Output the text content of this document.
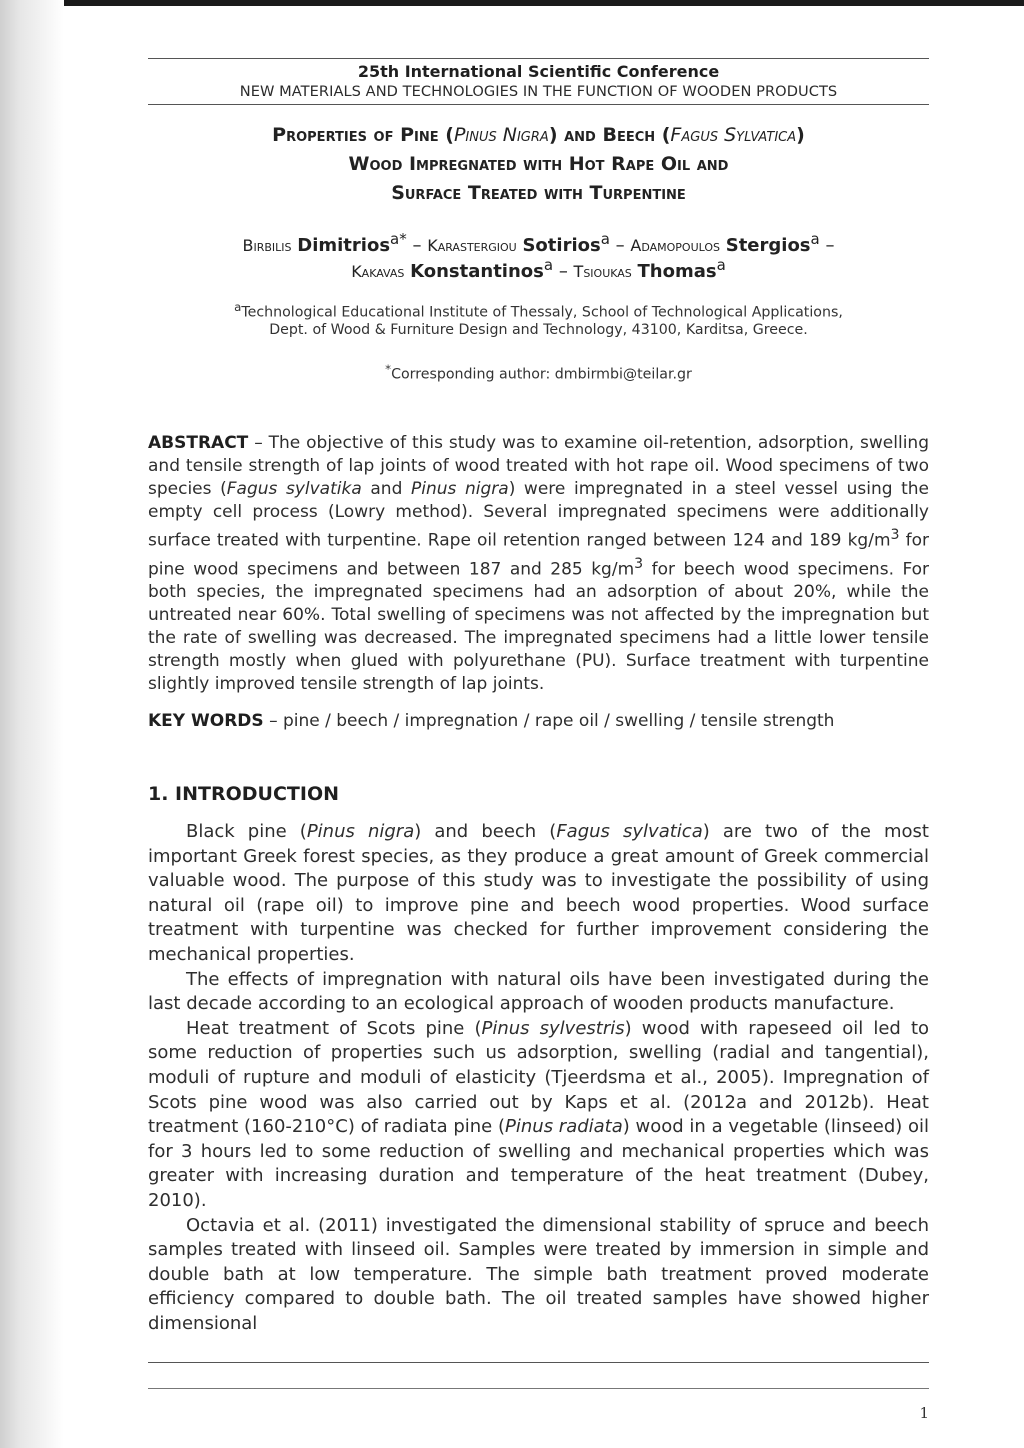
25th International Scientific Conference
NEW MATERIALS AND TECHNOLOGIES IN THE FUNCTION OF WOODEN PRODUCTS
Properties of Pine (Pinus Nigra) and Beech (Fagus Sylvatica)
Wood Impregnated with Hot Rape Oil and
Surface Treated with Turpentine
Birbilis Dimitrios$^{a*}$ – Karastergiou Sotirios$^a$ – Adamopoulos Stergios$^a$ –
Kakavas Konstantinos$^a$ – Tsioukas Thomas$^a$
$^a$Technological Educational Institute of Thessaly, School of Technological Applications,
Dept. of Wood & Furniture Design and Technology, 43100, Karditsa, Greece.
*Corresponding author: dmbirmbi@teilar.gr
ABSTRACT – The objective of this study was to examine oil-retention, adsorption, swelling and tensile strength of lap joints of wood treated with hot rape oil. Wood specimens of two species (Fagus sylvatika and Pinus nigra) were impregnated in a steel vessel using the empty cell process (Lowry method). Several impregnated specimens were additionally surface treated with turpentine. Rape oil retention ranged between 124 and 189 $kg/m^3$ for pine wood specimens and between 187 and 285 $kg/m^3$ for beech wood specimens. For both species, the impregnated specimens had an adsorption of about 20%, while the untreated near 60%. Total swelling of specimens was not affected by the impregnation but the rate of swelling was decreased. The impregnated specimens had a little lower tensile strength mostly when glued with polyurethane (PU). Surface treatment with turpentine slightly improved tensile strength of lap joints.
KEY WORDS – pine / beech / impregnation / rape oil / swelling / tensile strength
1. INTRODUCTION

Black pine (Pinus nigra) and beech (Fagus sylvatica) are two of the most important Greek forest species, as they produce a great amount of Greek commercial valuable wood. The purpose of this study was to investigate the possibility of using natural oil (rape oil) to improve pine and beech wood properties. Wood surface treatment with turpentine was checked for further improvement considering the mechanical properties.

The effects of impregnation with natural oils have been investigated during the last decade according to an ecological approach of wooden products manufacture.

Heat treatment of Scots pine (Pinus sylvestris) wood with rapeseed oil led to some reduction of properties such us adsorption, swelling (radial and tangential), moduli of rupture and moduli of elasticity (Tjeerdsma et al., 2005). Impregnation of Scots pine wood was also carried out by Kaps et al. (2012a and 2012b). Heat treatment (160-210°C) of radiata pine (Pinus radiata) wood in a vegetable (linseed) oil for 3 hours led to some reduction of swelling and mechanical properties which was greater with increasing duration and temperature of the heat treatment (Dubey, 2010).

Octavia et al. (2011) investigated the dimensional stability of spruce and beech samples treated with linseed oil. Samples were treated by immersion in simple and double bath at low temperature. The simple bath treatment proved moderate efficiency compared to double bath. The oil treated samples have showed higher dimensional

1
